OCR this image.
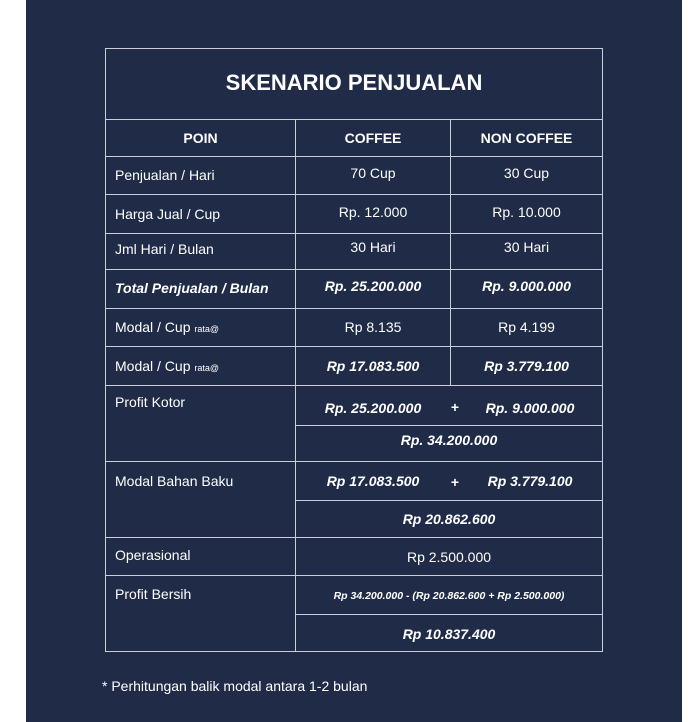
SKENARIO PENJUALAN
POIN	COFFEE	NON COFFEE
Penjualan / Hari	70 Cup	30 Cup
Harga Jual / Cup	Rp. 12.000	Rp. 10.000
Jml Hari / Bulan	30 Hari	30 Hari
Total Penjualan / Bulan	Rp. 25.200.000	Rp. 9.000.000
Modal / Cup rata@	Rp 8.135	Rp 4.199
Modal / Cup rata@	Rp 17.083.500	Rp 3.779.100
Profit Kotor	Rp. 25.200.000	+	Rp. 9.000.000
Rp. 34.200.000
Modal Bahan Baku	Rp 17.083.500	+	Rp 3.779.100
Rp 20.862.600
Operasional	Rp 2.500.000
Profit Bersih	Rp 34.200.000 - (Rp 20.862.600 + Rp 2.500.000)
Rp 10.837.400
* Perhitungan balik modal antara 1-2 bulan
